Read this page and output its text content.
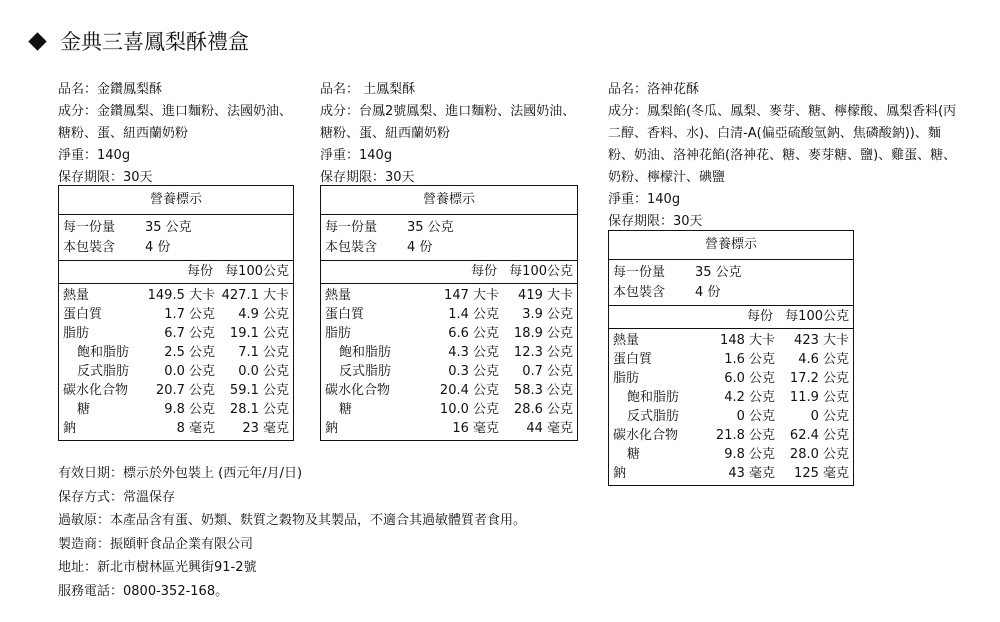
金典三喜鳳梨酥禮盒
品名：金鑽鳳梨酥
成分：金鑽鳳梨、進口麵粉、法國奶油、糖粉、蛋、紐西蘭奶粉
淨重：140g
保存期限：30天
品名： 土鳳梨酥
成分：台鳳2號鳳梨、進口麵粉、法國奶油、糖粉、蛋、紐西蘭奶粉
淨重：140g
保存期限：30天
品名：洛神花酥
成分：鳳梨餡(冬瓜、鳳梨、麥芽、糖、檸檬酸、鳳梨香料(丙二醇、香料、水)、白清-A(偏亞硫酸氫鈉、焦磷酸鈉))、麵粉、奶油、洛神花餡(洛神花、糖、麥芽糖、鹽)、雞蛋、糖、奶粉、檸檬汁、碘鹽
淨重：140g
保存期限：30天
營養標示
每一份量	35 公克
本包裝含	4 份
每份 每100公克
熱量	149.5 大卡 427.1 大卡
蛋白質	1.7 公克	4.9 公克
脂肪	6.7 公克	19.1 公克
飽和脂肪	2.5 公克	7.1 公克
反式脂肪	0.0 公克	0.0 公克
碳水化合物	20.7 公克	59.1 公克
糖	9.8 公克	28.1 公克
鈉	8 毫克	23 毫克
營養標示
每一份量	35 公克
本包裝含	4 份
每份 每100公克
熱量	147 大卡	419 大卡
蛋白質	1.4 公克	3.9 公克
脂肪	6.6 公克	18.9 公克
飽和脂肪	4.3 公克	12.3 公克
反式脂肪	0.3 公克	0.7 公克
碳水化合物	20.4 公克	58.3 公克
糖	10.0 公克	28.6 公克
鈉	16 毫克	44 毫克
營養標示
每一份量	35 公克
本包裝含	4 份
每份 每100公克
熱量	148 大卡	423 大卡
蛋白質	1.6 公克	4.6 公克
脂肪	6.0 公克	17.2 公克
飽和脂肪	4.2 公克	11.9 公克
反式脂肪	0 公克	0 公克
碳水化合物	21.8 公克	62.4 公克
糖	9.8 公克	28.0 公克
鈉	43 毫克	125 毫克
有效日期：標示於外包裝上 (西元年/月/日)
保存方式：常溫保存
過敏原：本產品含有蛋、奶類、麩質之穀物及其製品，不適合其過敏體質者食用。
製造商：振頤軒食品企業有限公司
地址：新北市樹林區光興街91-2號
服務電話：0800-352-168。
